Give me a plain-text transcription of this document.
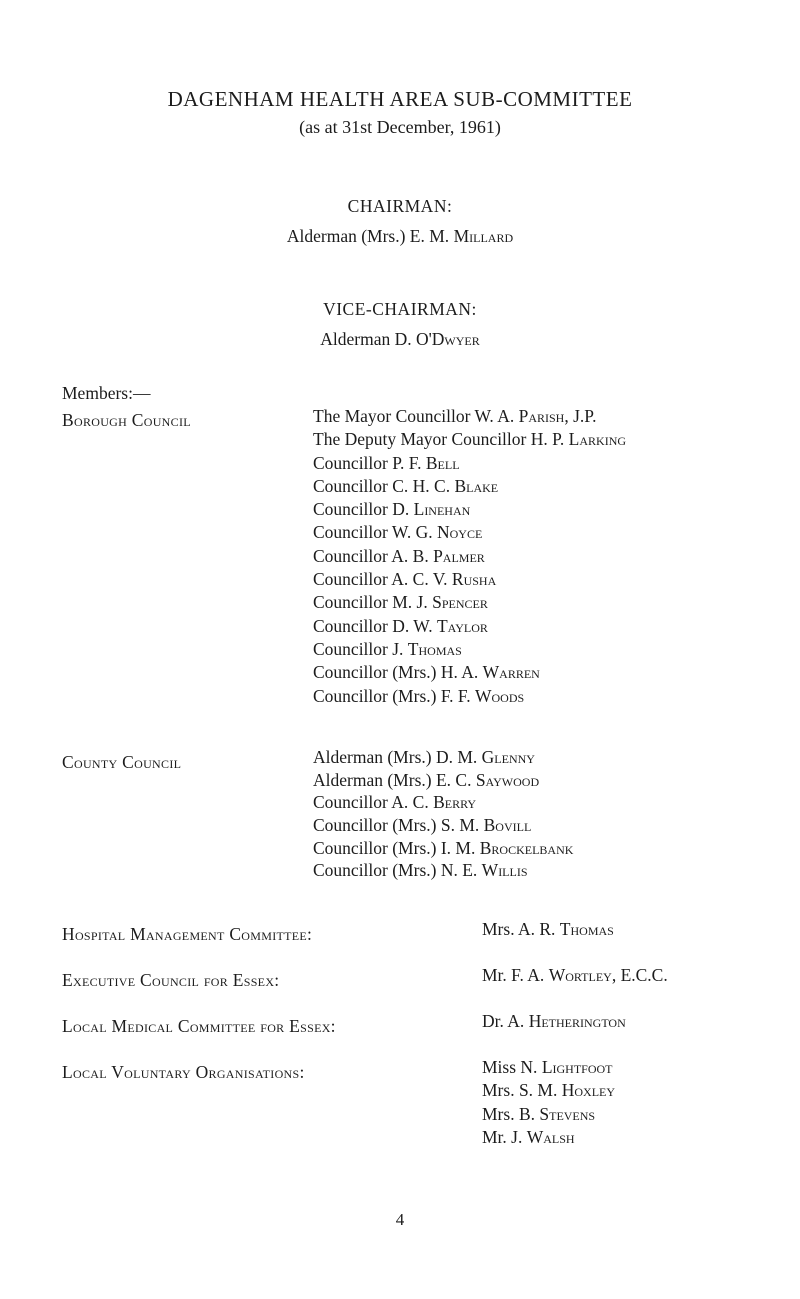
DAGENHAM HEALTH AREA SUB-COMMITTEE
(as at 31st December, 1961)
CHAIRMAN:
Alderman (Mrs.) E. M. Millard
VICE-CHAIRMAN:
Alderman D. O'Dwyer
Members:—
Borough Council	The Mayor Councillor W. A. Parish, J.P.
The Deputy Mayor Councillor H. P. Larking
Councillor P. F. Bell
Councillor C. H. C. Blake
Councillor D. Linehan
Councillor W. G. Noyce
Councillor A. B. Palmer
Councillor A. C. V. Rusha
Councillor M. J. Spencer
Councillor D. W. Taylor
Councillor J. Thomas
Councillor (Mrs.) H. A. Warren
Councillor (Mrs.) F. F. Woods
County Council	Alderman (Mrs.) D. M. Glenny
Alderman (Mrs.) E. C. Saywood
Councillor A. C. Berry
Councillor (Mrs.) S. M. Bovill
Councillor (Mrs.) I. M. Brockelbank
Councillor (Mrs.) N. E. Willis
Hospital Management Committee:	Mrs. A. R. Thomas
Executive Council for Essex:	Mr. F. A. Wortley, E.C.C.
Local Medical Committee for Essex:	Dr. A. Hetherington
Local Voluntary Organisations:	Miss N. Lightfoot
Mrs. S. M. Hoxley
Mrs. B. Stevens
Mr. J. Walsh
4
